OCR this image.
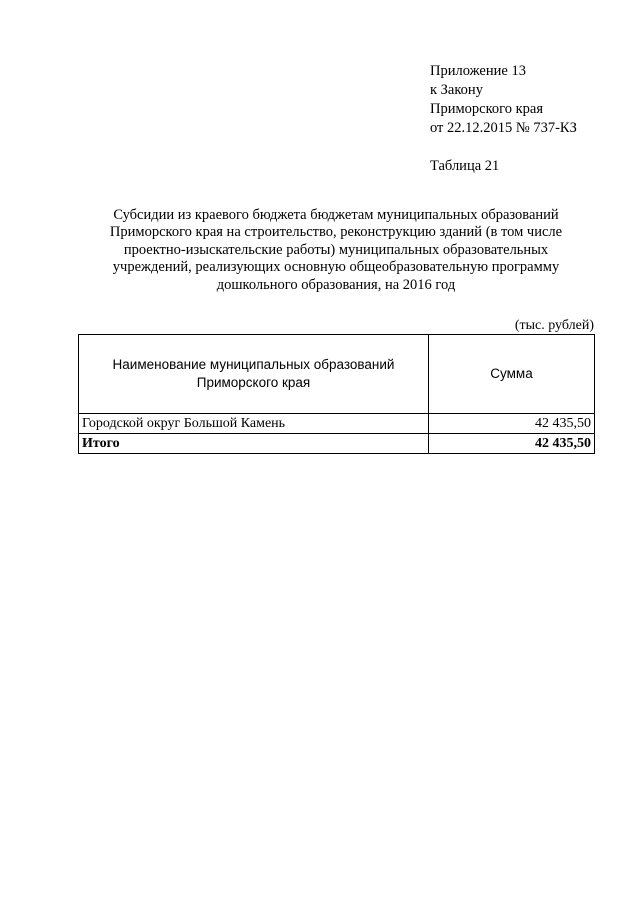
Приложение 13
к Закону
Приморского края
от 22.12.2015 № 737-КЗ
Таблица 21
Субсидии из краевого бюджета бюджетам муниципальных образований
Приморского края на строительство, реконструкцию зданий (в том числе
проектно-изыскательские работы) муниципальных образовательных
учреждений, реализующих основную общеобразовательную программу
дошкольного образования, на 2016 год
(тыс. рублей)
Наименование муниципальных образований
Приморского края	Сумма
Городской округ Большой Камень	42 435,50
Итого	42 435,50
